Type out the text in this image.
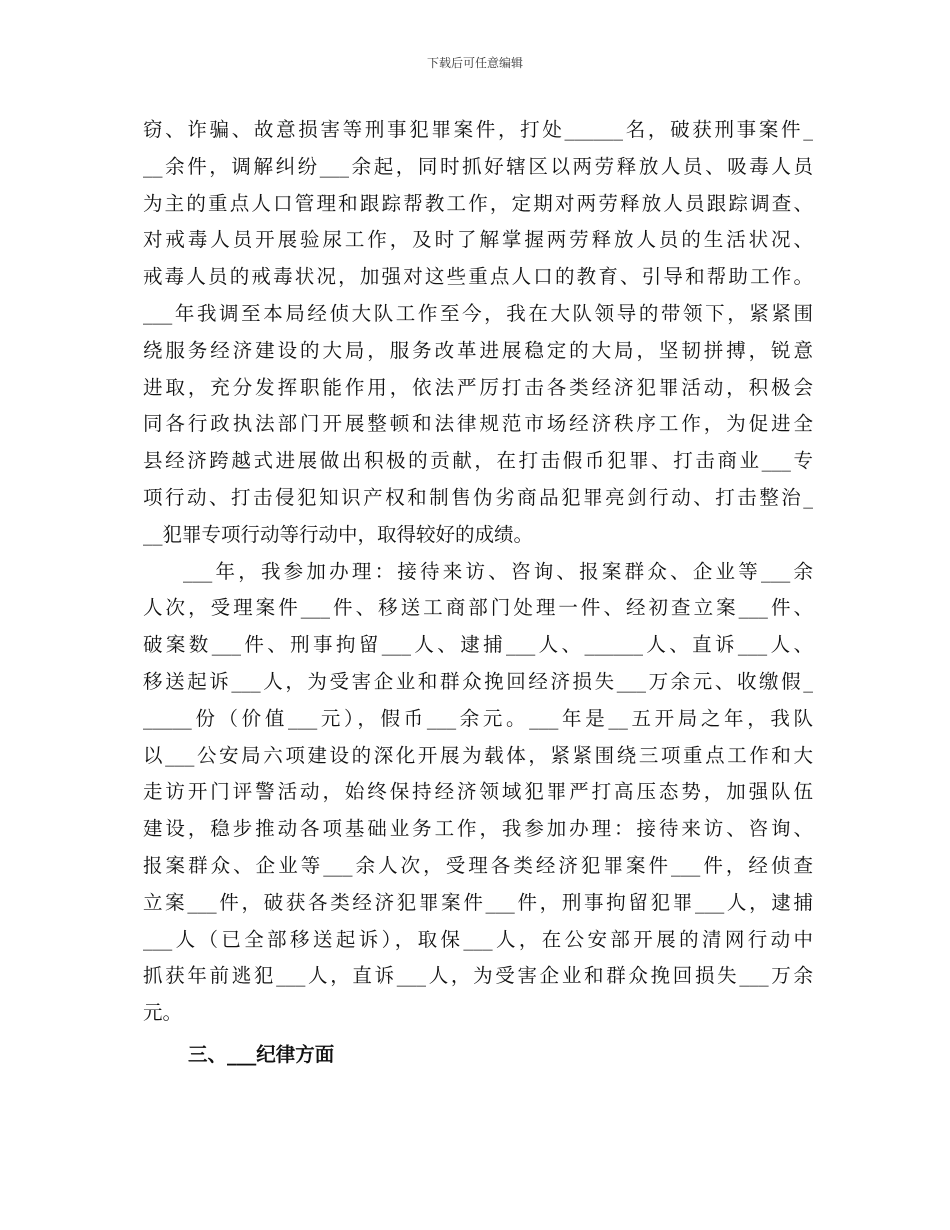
下载后可任意编辑
窃、诈骗、故意损害等刑事犯罪案件，打处______名，破获刑事案件_
__余件，调解纠纷___余起，同时抓好辖区以两劳释放人员、吸毒人员
为主的重点人口管理和跟踪帮教工作，定期对两劳释放人员跟踪调查、
对戒毒人员开展验尿工作，及时了解掌握两劳释放人员的生活状况、
戒毒人员的戒毒状况，加强对这些重点人口的教育、引导和帮助工作。
___年我调至本局经侦大队工作至今，我在大队领导的带领下，紧紧围
绕服务经济建设的大局，服务改革进展稳定的大局，坚韧拼搏，锐意
进取，充分发挥职能作用，依法严厉打击各类经济犯罪活动，积极会
同各行政执法部门开展整顿和法律规范市场经济秩序工作，为促进全
县经济跨越式进展做出积极的贡献，在打击假币犯罪、打击商业___专
项行动、打击侵犯知识产权和制售伪劣商品犯罪亮剑行动、打击整治_
__犯罪专项行动等行动中，取得较好的成绩。
___年，我参加办理：接待来访、咨询、报案群众、企业等___余
人次，受理案件___件、移送工商部门处理一件、经初查立案___件、
破案数___件、刑事拘留___人、逮捕___人、______人、直诉___人、
移送起诉___人，为受害企业和群众挽回经济损失___万余元、收缴假_
_____份（价值___元），假币___余元。___年是__五开局之年，我队
以___公安局六项建设的深化开展为载体，紧紧围绕三项重点工作和大
走访开门评警活动，始终保持经济领域犯罪严打高压态势，加强队伍
建设，稳步推动各项基础业务工作，我参加办理：接待来访、咨询、
报案群众、企业等___余人次，受理各类经济犯罪案件___件，经侦查
立案___件，破获各类经济犯罪案件___件，刑事拘留犯罪___人，逮捕
___人（已全部移送起诉），取保___人，在公安部开展的清网行动中
抓获年前逃犯___人，直诉___人，为受害企业和群众挽回损失___万余
元。
三、___纪律方面
